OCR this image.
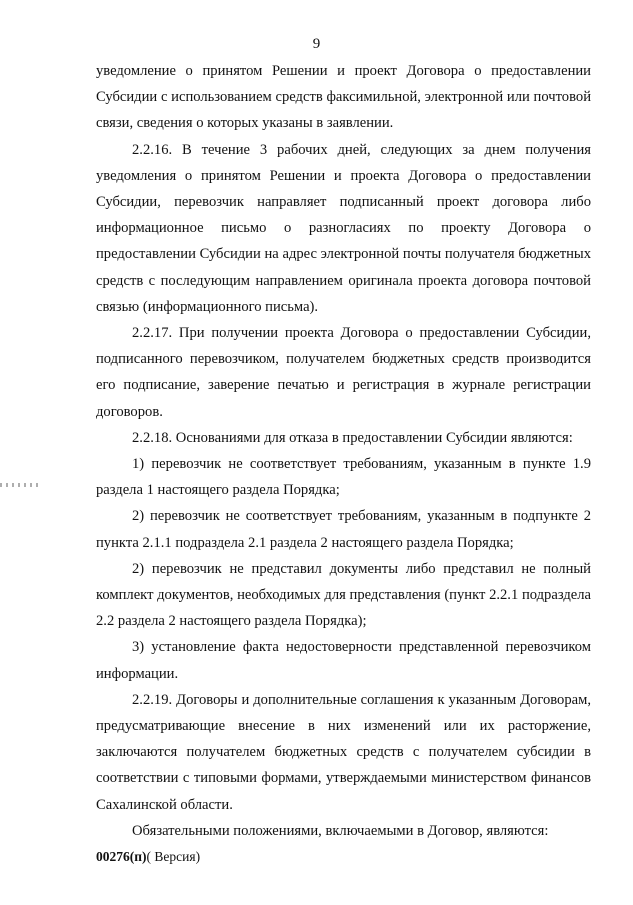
9

уведомление о принятом Решении и проект Договора о предоставлении Субсидии с использованием средств факсимильной, электронной или почтовой связи, сведения о которых указаны в заявлении.

2.2.16. В течение 3 рабочих дней, следующих за днем получения уведомления о принятом Решении и проекта Договора о предоставлении Субсидии, перевозчик направляет подписанный проект договора либо информационное письмо о разногласиях по проекту Договора о предоставлении Субсидии на адрес электронной почты получателя бюджетных средств с последующим направлением оригинала проекта договора почтовой связью (информационного письма).

2.2.17. При получении проекта Договора о предоставлении Субсидии, подписанного перевозчиком, получателем бюджетных средств производится его подписание, заверение печатью и регистрация в журнале регистрации договоров.

2.2.18. Основаниями для отказа в предоставлении Субсидии являются:

1) перевозчик не соответствует требованиям, указанным в пункте 1.9 раздела 1 настоящего раздела Порядка;

2) перевозчик не соответствует требованиям, указанным в подпункте 2 пункта 2.1.1 подраздела 2.1 раздела 2 настоящего раздела Порядка;

2) перевозчик не представил документы либо представил не полный комплект документов, необходимых для представления (пункт 2.2.1 подраздела 2.2 раздела 2 настоящего раздела Порядка);

3) установление факта недостоверности представленной перевозчиком информации.

2.2.19. Договоры и дополнительные соглашения к указанным Договорам, предусматривающие внесение в них изменений или их расторжение, заключаются получателем бюджетных средств с получателем субсидии в соответствии с типовыми формами, утверждаемыми министерством финансов Сахалинской области.

Обязательными положениями, включаемыми в Договор, являются:

00276(п)( Версия)
